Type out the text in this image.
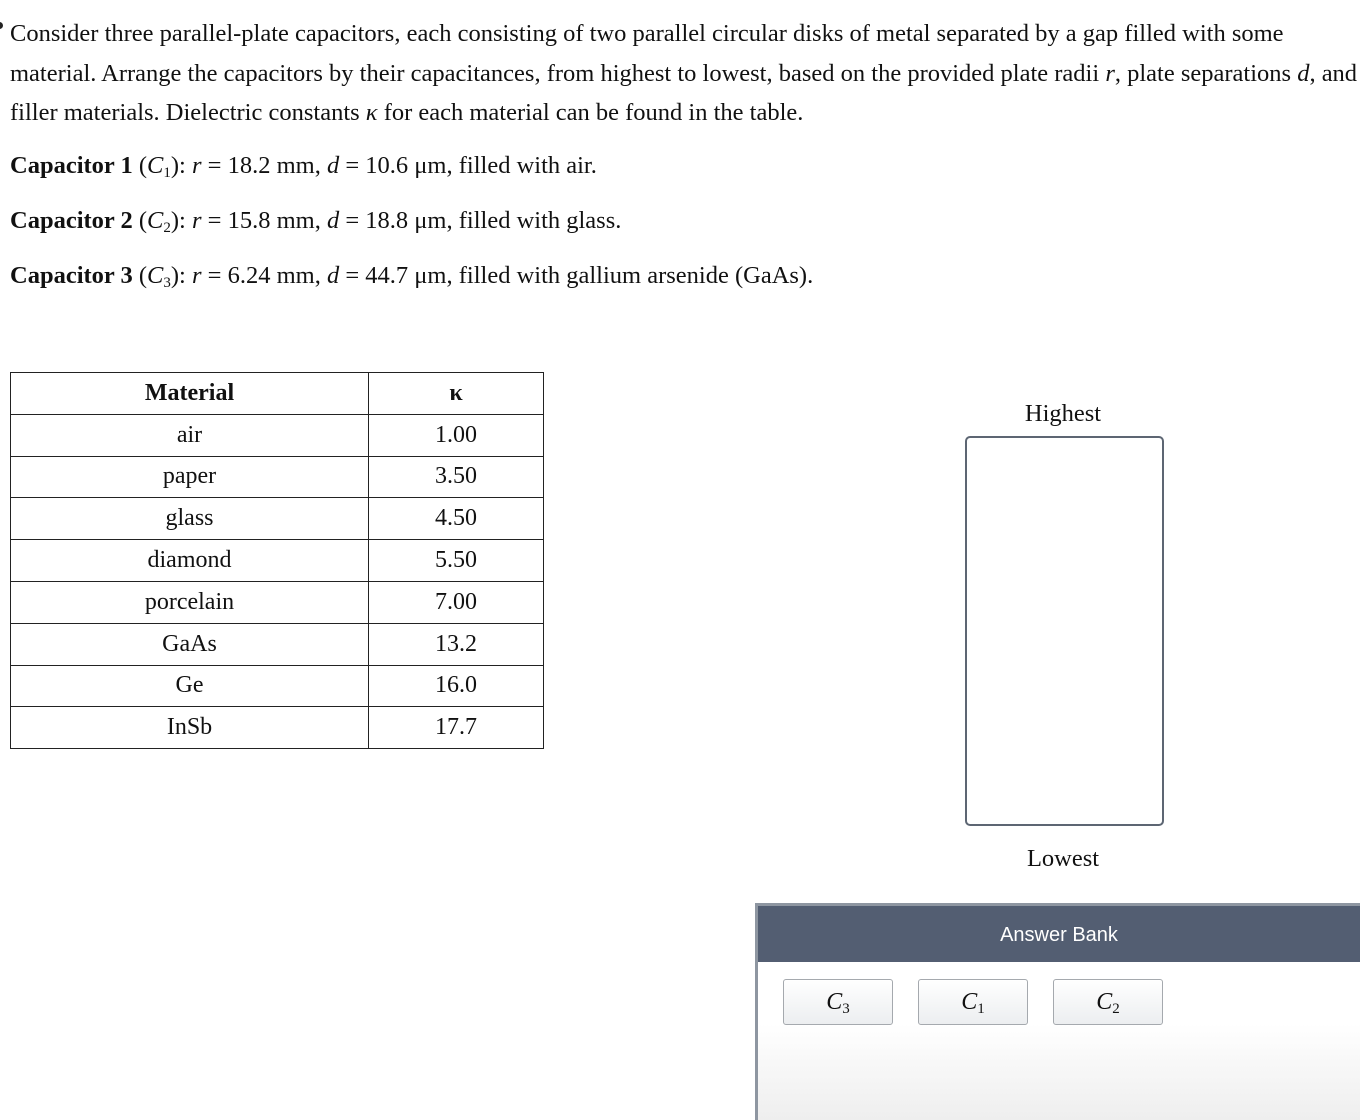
Consider three parallel-plate capacitors, each consisting of two parallel circular disks of metal separated by a gap filled with some material. Arrange the capacitors by their capacitances, from highest to lowest, based on the provided plate radii r, plate separations d, and filler materials. Dielectric constants κ for each material can be found in the table.
Capacitor 1 $(C_1)$: r = 18.2 mm, d = 10.6 μm, filled with air.
Capacitor 2 $(C_2)$: r = 15.8 mm, d = 18.8 μm, filled with glass.
Capacitor 3 $(C_3)$: r = 6.24 mm, d = 44.7 μm, filled with gallium arsenide (GaAs).
Material	κ
air	1.00
paper	3.50
glass	4.50
diamond	5.50
porcelain	7.00
GaAs	13.2
Ge	16.0
InSb	17.7
Highest
Lowest
Answer Bank
C3	C1	C2
